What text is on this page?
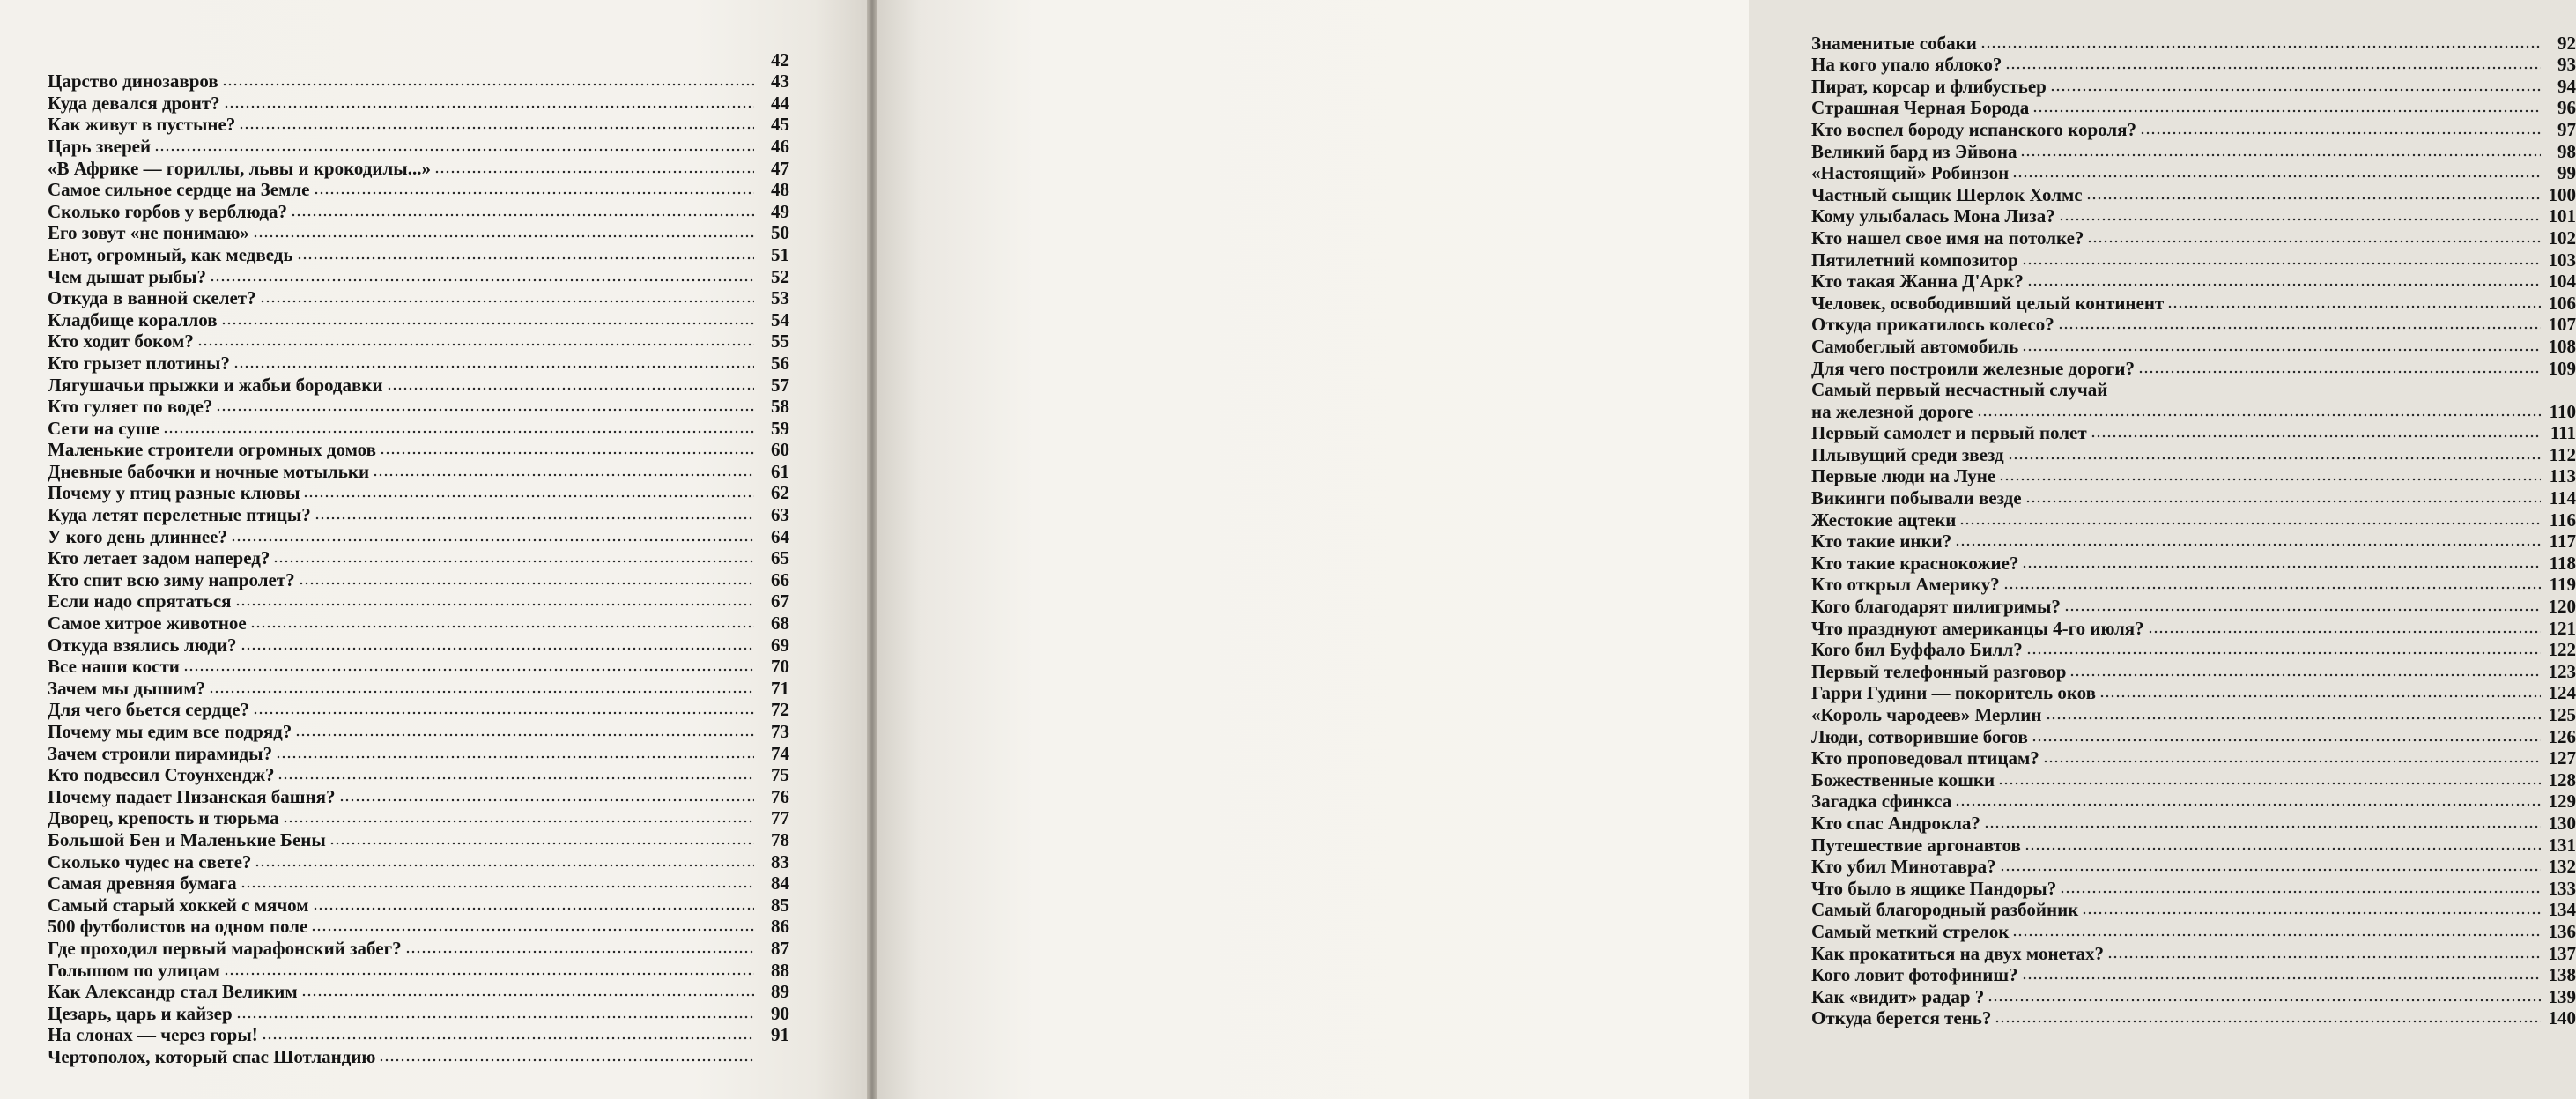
42
Царство динозавров	43
Куда девался дронт?	44
Как живут в пустыне?	45
Царь зверей	46
«В Африке — гориллы, львы и крокодилы...»	47
Самое сильное сердце на Земле	48
Сколько горбов у верблюда?	49
Его зовут «не понимаю»	50
Енот, огромный, как медведь	51
Чем дышат рыбы?	52
Откуда в ванной скелет?	53
Кладбище кораллов	54
Кто ходит боком?	55
Кто грызет плотины?	56
Лягушачьи прыжки и жабьи бородавки	57
Кто гуляет по воде?	58
Сети на суше	59
Маленькие строители огромных домов	60
Дневные бабочки и ночные мотыльки	61
Почему у птиц разные клювы	62
Куда летят перелетные птицы?	63
У кого день длиннее?	64
Кто летает задом наперед?	65
Кто спит всю зиму напролет?	66
Если надо спрятаться	67
Самое хитрое животное	68
Откуда взялись люди?	69
Все наши кости	70
Зачем мы дышим?	71
Для чего бьется сердце?	72
Почему мы едим все подряд?	73
Зачем строили пирамиды?	74
Кто подвесил Стоунхендж?	75
Почему падает Пизанская башня?	76
Дворец, крепость и тюрьма	77
Большой Бен и Маленькие Бены	78
Сколько чудес на свете?	83
Самая древняя бумага	84
Самый старый хоккей с мячом	85
500 футболистов на одном поле	86
Где проходил первый марафонский забег?	87
Голышом по улицам	88
Как Александр стал Великим	89
Цезарь, царь и кайзер	90
На слонах — через горы!	91
Чертополох, который спас Шотландию
Знаменитые собаки	92
На кого упало яблоко?	93
Пират, корсар и флибустьер	94
Страшная Черная Борода	96
Кто воспел бороду испанского короля?	97
Великий бард из Эйвона	98
«Настоящий» Робинзон	99
Частный сыщик Шерлок Холмс	100
Кому улыбалась Мона Лиза?	101
Кто нашел свое имя на потолке?	102
Пятилетний композитор	103
Кто такая Жанна Д'Арк?	104
Человек, освободивший целый континент	106
Откуда прикатилось колесо?	107
Самобеглый автомобиль	108
Для чего построили железные дороги?	109
Самый первый несчастный случай
на железной дороге	110
Первый самолет и первый полет	111
Плывущий среди звезд	112
Первые люди на Луне	113
Викинги побывали везде	114
Жестокие ацтеки	116
Кто такие инки?	117
Кто такие краснокожие?	118
Кто открыл Америку?	119
Кого благодарят пилигримы?	120
Что празднуют американцы 4-го июля?	121
Кого бил Буффало Билл?	122
Первый телефонный разговор	123
Гарри Гудини — покоритель оков	124
«Король чародеев» Мерлин	125
Люди, сотворившие богов	126
Кто проповедовал птицам?	127
Божественные кошки	128
Загадка сфинкса	129
Кто спас Андрокла?	130
Путешествие аргонавтов	131
Кто убил Минотавра?	132
Что было в ящике Пандоры?	133
Самый благородный разбойник	134
Самый меткий стрелок	136
Как прокатиться на двух монетах?	137
Кого ловит фотофиниш?	138
Как «видит» радар ?	139
Откуда берется тень?	140
